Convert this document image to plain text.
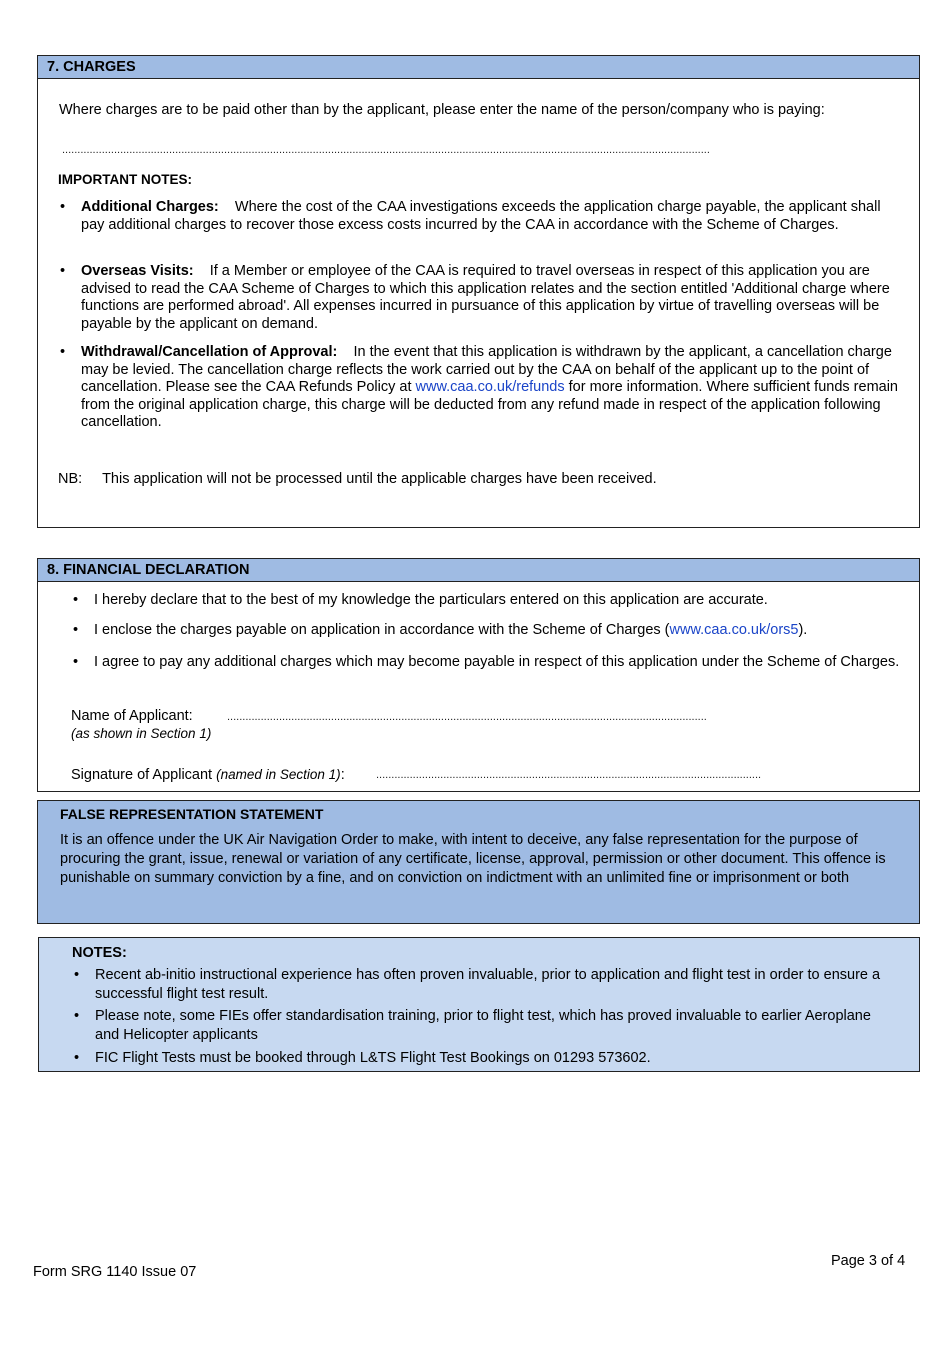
7. CHARGES
Where charges are to be paid other than by the applicant, please enter the name of the person/company who is paying:
....................................................................................................................................................................................................................
IMPORTANT NOTES:
• Additional Charges: Where the cost of the CAA investigations exceeds the application charge payable, the applicant shall pay additional charges to recover those excess costs incurred by the CAA in accordance with the Scheme of Charges.
• Overseas Visits: If a Member or employee of the CAA is required to travel overseas in respect of this application you are advised to read the CAA Scheme of Charges to which this application relates and the section entitled 'Additional charge where functions are performed abroad'. All expenses incurred in pursuance of this application by virtue of travelling overseas will be payable by the applicant on demand.
• Withdrawal/Cancellation of Approval: In the event that this application is withdrawn by the applicant, a cancellation charge may be levied. The cancellation charge reflects the work carried out by the CAA on behalf of the applicant up to the point of cancellation. Please see the CAA Refunds Policy at www.caa.co.uk/refunds for more information. Where sufficient funds remain from the original application charge, this charge will be deducted from any refund made in respect of the application following cancellation.
NB: This application will not be processed until the applicable charges have been received.
8. FINANCIAL DECLARATION
• I hereby declare that to the best of my knowledge the particulars entered on this application are accurate.
• I enclose the charges payable on application in accordance with the Scheme of Charges (www.caa.co.uk/ors5).
• I agree to pay any additional charges which may become payable in respect of this application under the Scheme of Charges.
Name of Applicant:	.............................................................................................................................................................
(as shown in Section 1)
Signature of Applicant (named in Section 1):	..............................................................................................................................
FALSE REPRESENTATION STATEMENT
It is an offence under the UK Air Navigation Order to make, with intent to deceive, any false representation for the purpose of procuring the grant, issue, renewal or variation of any certificate, license, approval, permission or other document. This offence is punishable on summary conviction by a fine, and on conviction on indictment with an unlimited fine or imprisonment or both
NOTES:
• Recent ab-initio instructional experience has often proven invaluable, prior to application and flight test in order to ensure a successful flight test result.
• Please note, some FIEs offer standardisation training, prior to flight test, which has proved invaluable to earlier Aeroplane and Helicopter applicants
• FIC Flight Tests must be booked through L&TS Flight Test Bookings on 01293 573602.
Form SRG 1140 Issue 07
Page 3 of 4
